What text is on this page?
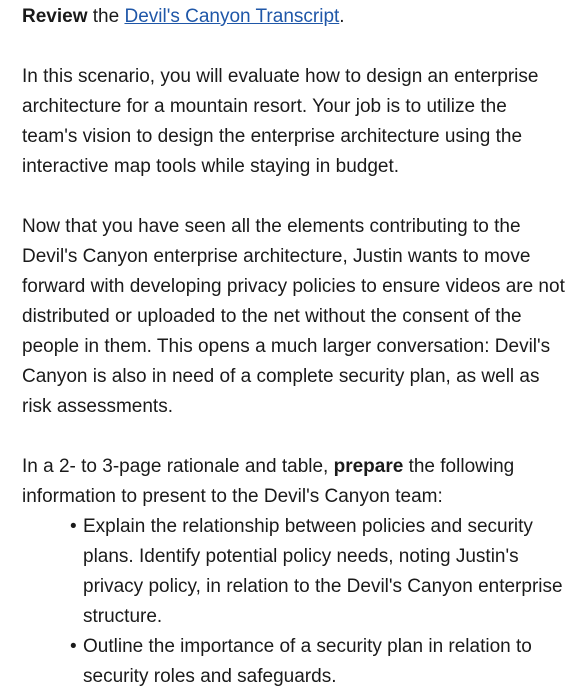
Review the Devil's Canyon Transcript.

In this scenario, you will evaluate how to design an enterprise architecture for a mountain resort. Your job is to utilize the team's vision to design the enterprise architecture using the interactive map tools while staying in budget.

Now that you have seen all the elements contributing to the Devil's Canyon enterprise architecture, Justin wants to move forward with developing privacy policies to ensure videos are not distributed or uploaded to the net without the consent of the people in them. This opens a much larger conversation: Devil's Canyon is also in need of a complete security plan, as well as risk assessments.

In a 2- to 3-page rationale and table, prepare the following information to present to the Devil's Canyon team:

• Explain the relationship between policies and security plans. Identify potential policy needs, noting Justin's privacy policy, in relation to the Devil's Canyon enterprise structure.
• Outline the importance of a security plan in relation to security roles and safeguards.
